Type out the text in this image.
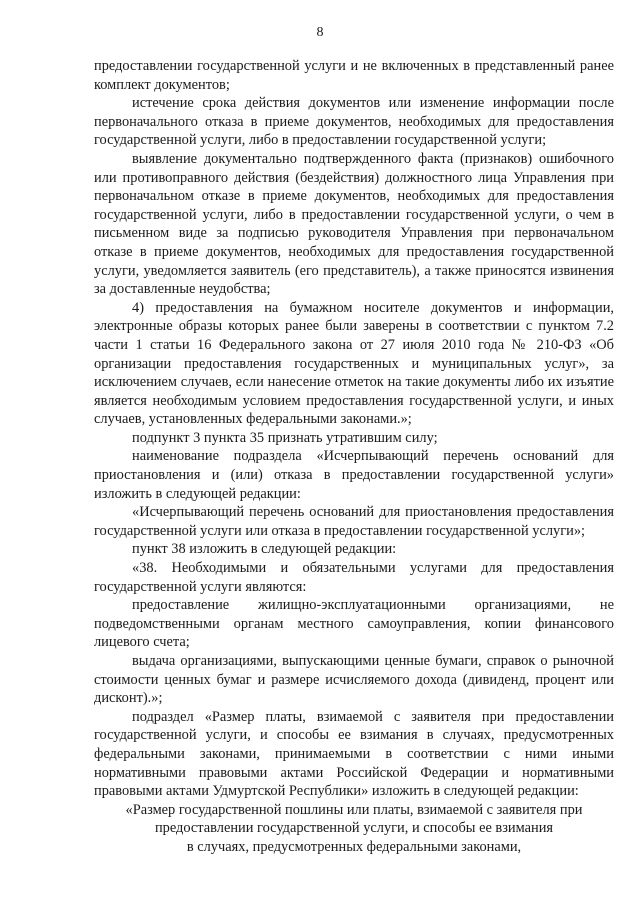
8

предоставлении государственной услуги и не включенных в представленный ранее комплект документов;

истечение срока действия документов или изменение информации после первоначального отказа в приеме документов, необходимых для предоставления государственной услуги, либо в предоставлении государственной услуги;

выявление документально подтвержденного факта (признаков) ошибочного или противоправного действия (бездействия) должностного лица Управления при первоначальном отказе в приеме документов, необходимых для предоставления государственной услуги, либо в предоставлении государственной услуги, о чем в письменном виде за подписью руководителя Управления при первоначальном отказе в приеме документов, необходимых для предоставления государственной услуги, уведомляется заявитель (его представитель), а также приносятся извинения за доставленные неудобства;

4) предоставления на бумажном носителе документов и информации, электронные образы которых ранее были заверены в соответствии с пунктом 7.2 части 1 статьи 16 Федерального закона от 27 июля 2010 года № 210-ФЗ «Об организации предоставления государственных и муниципальных услуг», за исключением случаев, если нанесение отметок на такие документы либо их изъятие является необходимым условием предоставления государственной услуги, и иных случаев, установленных федеральными законами.»;

подпункт 3 пункта 35 признать утратившим силу;

наименование подраздела «Исчерпывающий перечень оснований для приостановления и (или) отказа в предоставлении государственной услуги» изложить в следующей редакции:

«Исчерпывающий перечень оснований для приостановления предоставления государственной услуги или отказа в предоставлении государственной услуги»;

пункт 38 изложить в следующей редакции:

«38. Необходимыми и обязательными услугами для предоставления государственной услуги являются:

предоставление жилищно-эксплуатационными организациями, не подведомственными органам местного самоуправления, копии финансового лицевого счета;

выдача организациями, выпускающими ценные бумаги, справок о рыночной стоимости ценных бумаг и размере исчисляемого дохода (дивиденд, процент или дисконт).»;

подраздел «Размер платы, взимаемой с заявителя при предоставлении государственной услуги, и способы ее взимания в случаях, предусмотренных федеральными законами, принимаемыми в соответствии с ними иными нормативными правовыми актами Российской Федерации и нормативными правовыми актами Удмуртской Республики» изложить в следующей редакции:

«Размер государственной пошлины или платы, взимаемой с заявителя при
предоставлении государственной услуги, и способы ее взимания
в случаях, предусмотренных федеральными законами,
